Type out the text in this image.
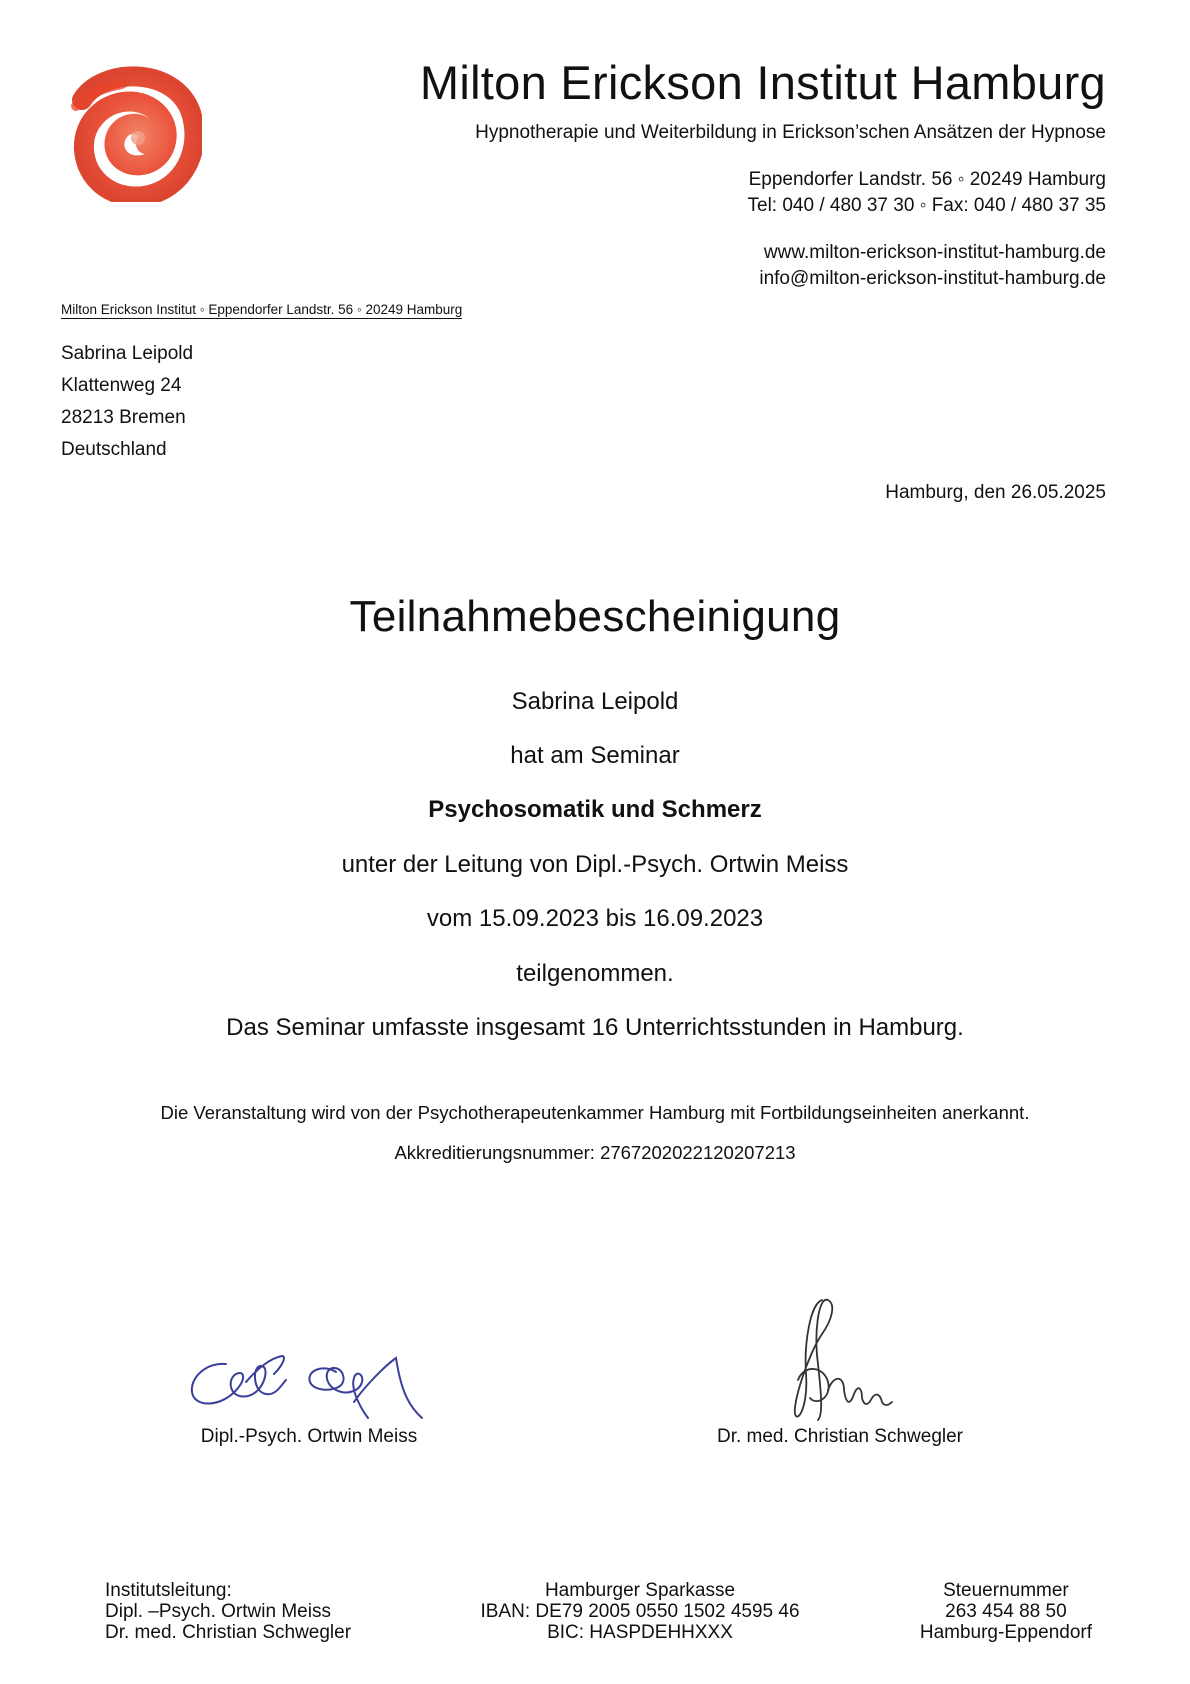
Milton Erickson Institut Hamburg
Hypnotherapie und Weiterbildung in Erickson’schen Ansätzen der Hypnose
Eppendorfer Landstr. 56 ◦ 20249 Hamburg
Tel: 040 / 480 37 30 ◦ Fax: 040 / 480 37 35
www.milton-erickson-institut-hamburg.de
info@milton-erickson-institut-hamburg.de
Milton Erickson Institut ◦ Eppendorfer Landstr. 56 ◦ 20249 Hamburg
Sabrina Leipold
Klattenweg 24
28213 Bremen
Deutschland
Hamburg, den 26.05.2025
Teilnahmebescheinigung
Sabrina Leipold
hat am Seminar
Psychosomatik und Schmerz
unter der Leitung von Dipl.-Psych. Ortwin Meiss
vom 15.09.2023 bis 16.09.2023
teilgenommen.
Das Seminar umfasste insgesamt 16 Unterrichtsstunden in Hamburg.
Die Veranstaltung wird von der Psychotherapeutenkammer Hamburg mit Fortbildungseinheiten anerkannt.
Akkreditierungsnummer: 2767202022120207213
Dipl.-Psych. Ortwin Meiss	Dr. med. Christian Schwegler
Institutsleitung:
Dipl. –Psych. Ortwin Meiss
Dr. med. Christian Schwegler
Hamburger Sparkasse
IBAN: DE79 2005 0550 1502 4595 46
BIC: HASPDEHHXXX
Steuernummer
263 454 88 50
Hamburg-Eppendorf
